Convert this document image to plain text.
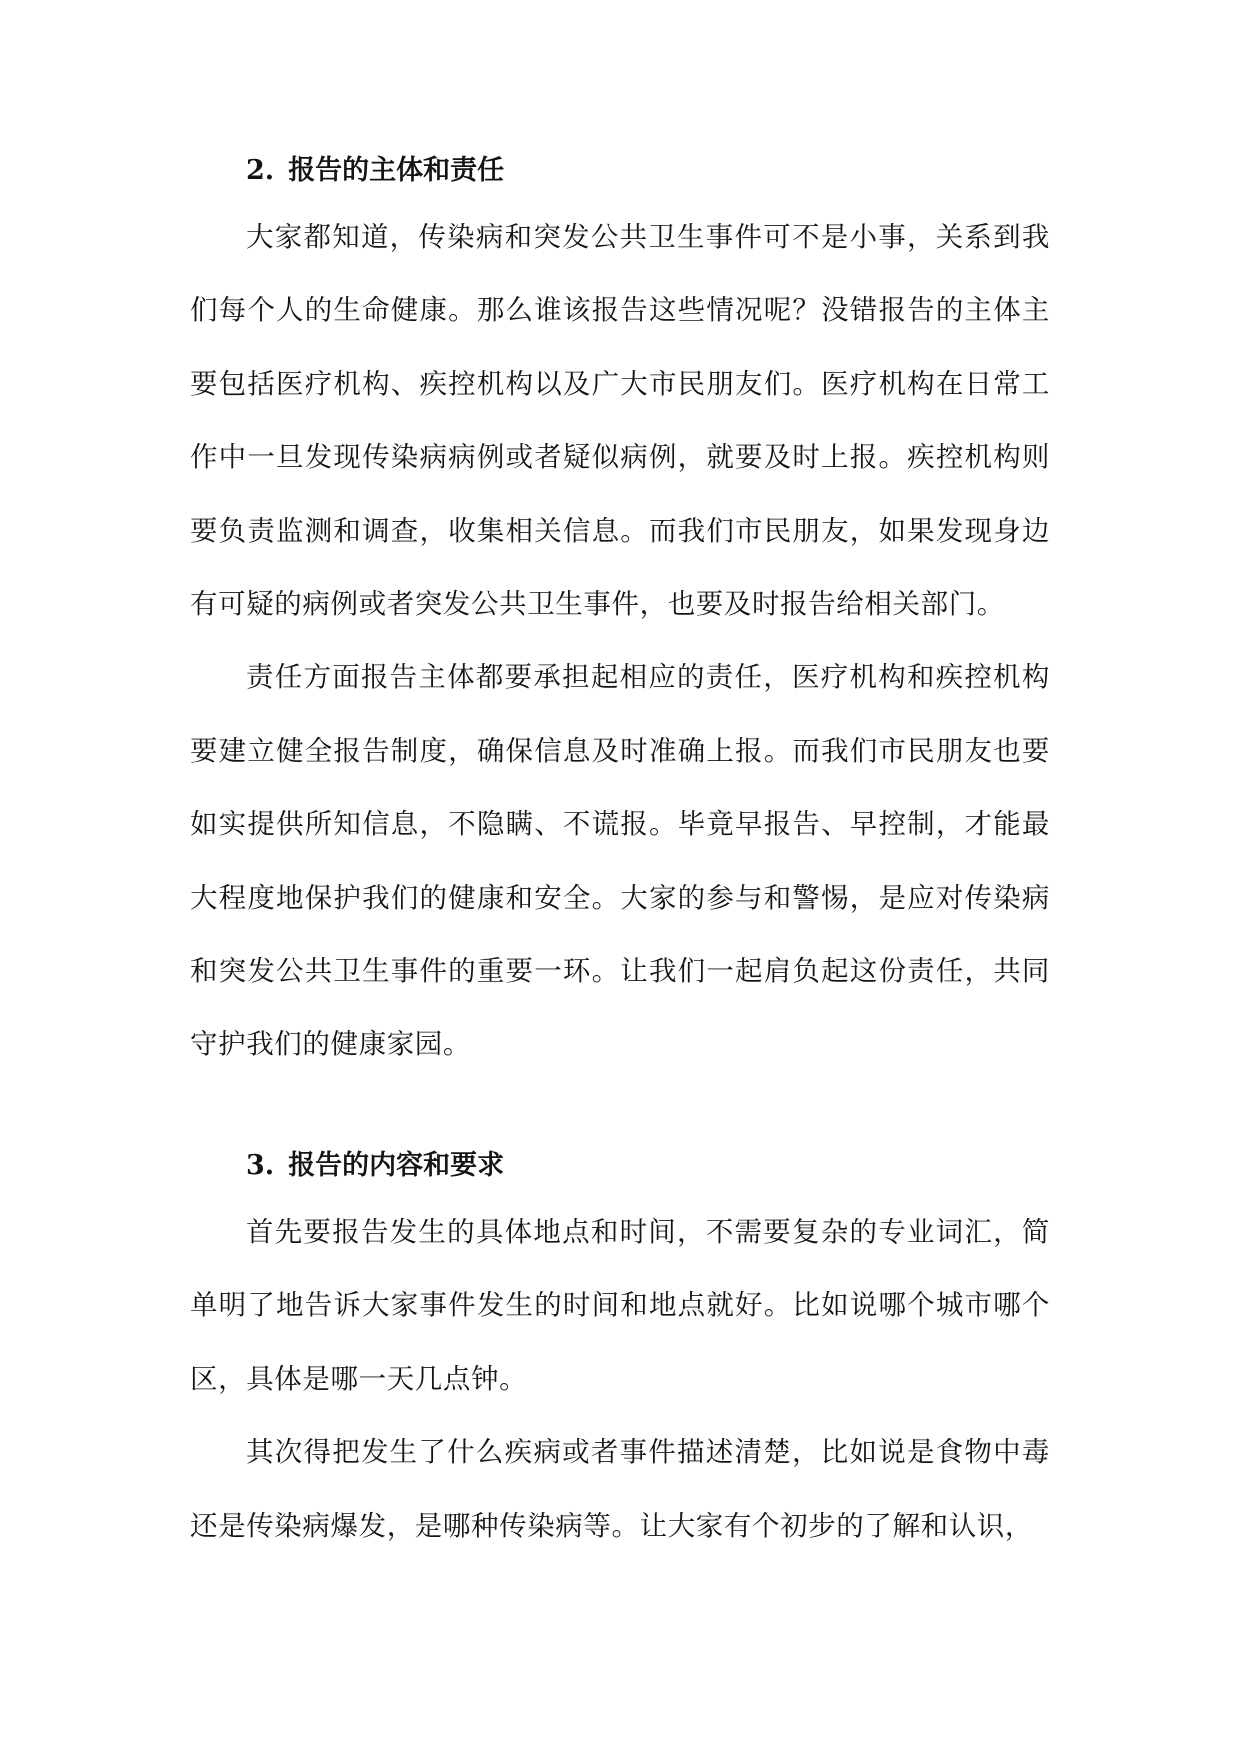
2. 报告的主体和责任

大家都知道，传染病和突发公共卫生事件可不是小事，关系到我们每个人的生命健康。那么谁该报告这些情况呢？没错报告的主体主要包括医疗机构、疾控机构以及广大市民朋友们。医疗机构在日常工作中一旦发现传染病病例或者疑似病例，就要及时上报。疾控机构则要负责监测和调查，收集相关信息。而我们市民朋友，如果发现身边有可疑的病例或者突发公共卫生事件，也要及时报告给相关部门。

责任方面报告主体都要承担起相应的责任，医疗机构和疾控机构要建立健全报告制度，确保信息及时准确上报。而我们市民朋友也要如实提供所知信息，不隐瞒、不谎报。毕竟早报告、早控制，才能最大程度地保护我们的健康和安全。大家的参与和警惕，是应对传染病和突发公共卫生事件的重要一环。让我们一起肩负起这份责任，共同守护我们的健康家园。

3. 报告的内容和要求

首先要报告发生的具体地点和时间，不需要复杂的专业词汇，简单明了地告诉大家事件发生的时间和地点就好。比如说哪个城市哪个区，具体是哪一天几点钟。

其次得把发生了什么疾病或者事件描述清楚，比如说是食物中毒还是传染病爆发，是哪种传染病等。让大家有个初步的了解和认识，
